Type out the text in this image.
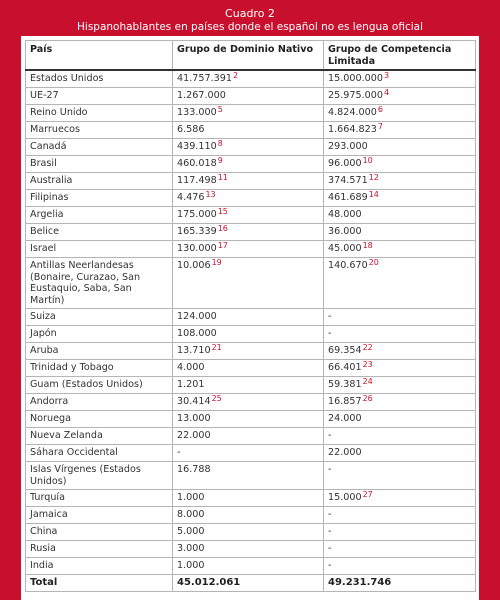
Cuadro 2
Hispanohablantes en países donde el español no es lengua oficial
País	Grupo de Dominio Nativo	Grupo de Competencia Limitada
Estados Unidos	41.757.391$^2$	15.000.000$^3$
UE-27	1.267.000	25.975.000$^4$
Reino Unido	133.000$^5$	4.824.000$^6$
Marruecos	6.586	1.664.823$^7$
Canadá	439.110$^8$	293.000
Brasil	460.018$^9$	96.000$^{10}$
Australia	117.498$^{11}$	374.571$^{12}$
Filipinas	4.476$^{13}$	461.689$^{14}$
Argelia	175.000$^{15}$	48.000
Belice	165.339$^{16}$	36.000
Israel	130.000$^{17}$	45.000$^{18}$
Antillas Neerlandesas (Bonaire, Curazao, San Eustaquio, Saba, San Martín)	10.006$^{19}$	140.670$^{20}$
Suiza	124.000	-
Japón	108.000	-
Aruba	13.710$^{21}$	69.354$^{22}$
Trinidad y Tobago	4.000	66.401$^{23}$
Guam (Estados Unidos)	1.201	59.381$^{24}$
Andorra	30.414$^{25}$	16.857$^{26}$
Noruega	13.000	24.000
Nueva Zelanda	22.000	-
Sáhara Occidental	-	22.000
Islas Vírgenes (Estados Unidos)	16.788	-
Turquía	1.000	15.000$^{27}$
Jamaica	8.000	-
China	5.000	-
Rusia	3.000	-
India	1.000	-
Total	45.012.061	49.231.746
